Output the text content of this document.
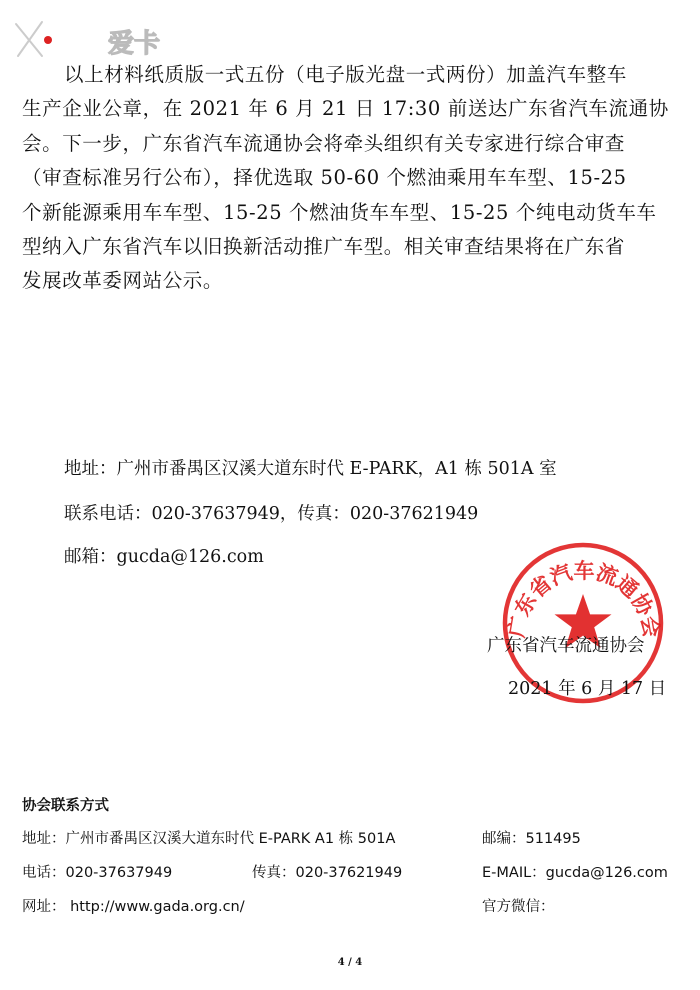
爱卡
以上材料纸质版一式五份（电子版光盘一式两份）加盖汽车整车
生产企业公章，在 2021 年 6 月 21 日 17:30 前送达广东省汽车流通协
会。下一步，广东省汽车流通协会将牵头组织有关专家进行综合审查
（审查标准另行公布），择优选取 50-60 个燃油乘用车车型、15-25
个新能源乘用车车型、15-25 个燃油货车车型、15-25 个纯电动货车车
型纳入广东省汽车以旧换新活动推广车型。相关审查结果将在广东省
发展改革委网站公示。
地址：广州市番禺区汉溪大道东时代 E-PARK，A1 栋 501A 室
联系电话：020-37637949，传真：020-37621949
邮箱：gucda@126.com
广东省汽车流通协会
广东省汽车流通协会
2021 年 6 月 17 日
协会联系方式
地址：广州市番禺区汉溪大道东时代 E-PARK A1 栋 501A	邮编：511495
电话：020-37637949	传真：020-37621949	E-MAIL：gucda@126.com
网址： http://www.gada.org.cn/	官方微信：
4 / 4
